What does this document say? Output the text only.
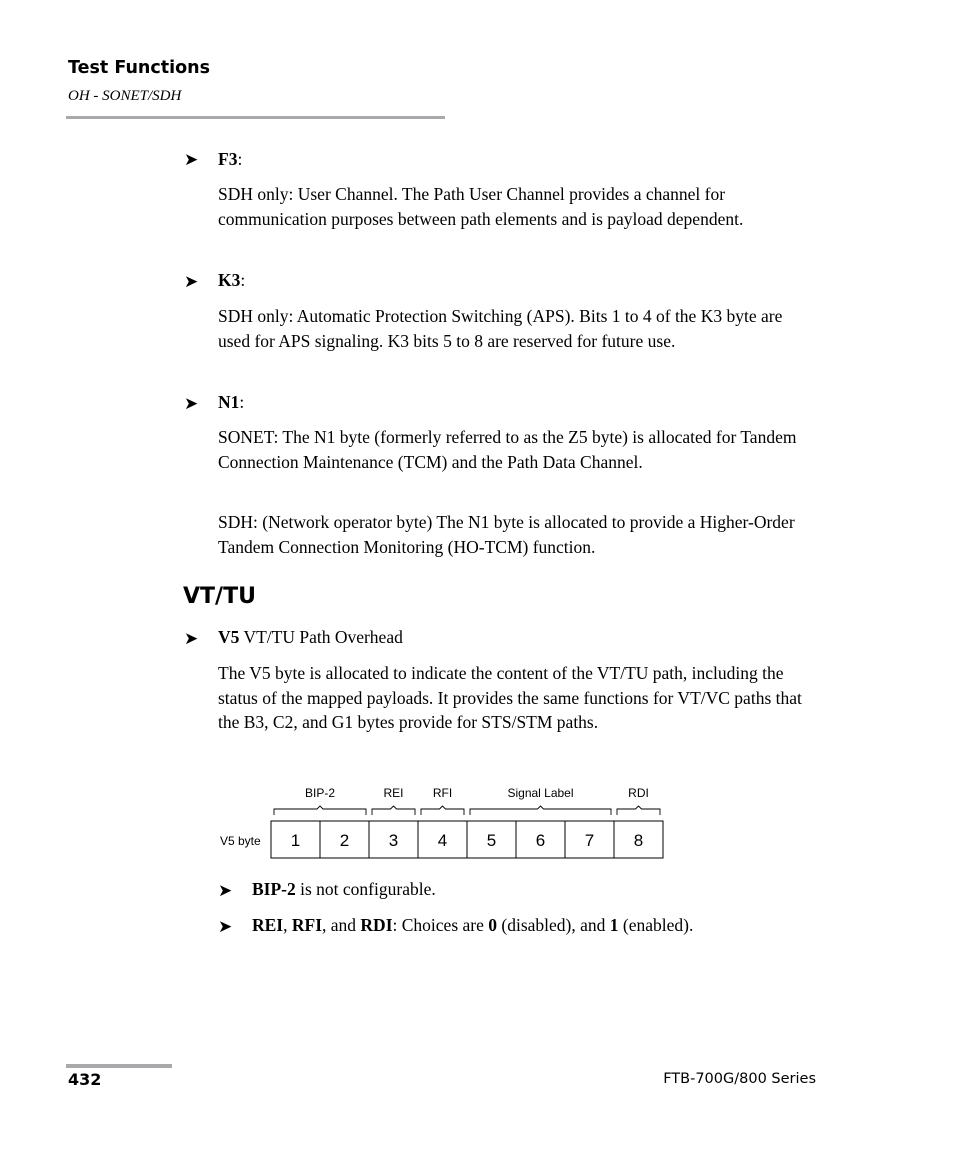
Test Functions
OH - SONET/SDH
➤ F3:
SDH only: User Channel. The Path User Channel provides a channel for communication purposes between path elements and is payload dependent.
➤ K3:
SDH only: Automatic Protection Switching (APS). Bits 1 to 4 of the K3 byte are used for APS signaling. K3 bits 5 to 8 are reserved for future use.
➤ N1:
SONET: The N1 byte (formerly referred to as the Z5 byte) is allocated for Tandem Connection Maintenance (TCM) and the Path Data Channel.
SDH: (Network operator byte) The N1 byte is allocated to provide a Higher-Order Tandem Connection Monitoring (HO-TCM) function.
VT/TU
➤ V5 VT/TU Path Overhead
The V5 byte is allocated to indicate the content of the VT/TU path, including the status of the mapped payloads. It provides the same functions for VT/VC paths that the B3, C2, and G1 bytes provide for STS/STM paths.
BIP-2	REI RFI	Signal Label	RDI
1 2 3 4 5 6 7 8
V5 byte
➤ BIP-2 is not configurable.
➤ REI, RFI, and RDI: Choices are 0 (disabled), and 1 (enabled).
432	FTB-700G/800 Series
